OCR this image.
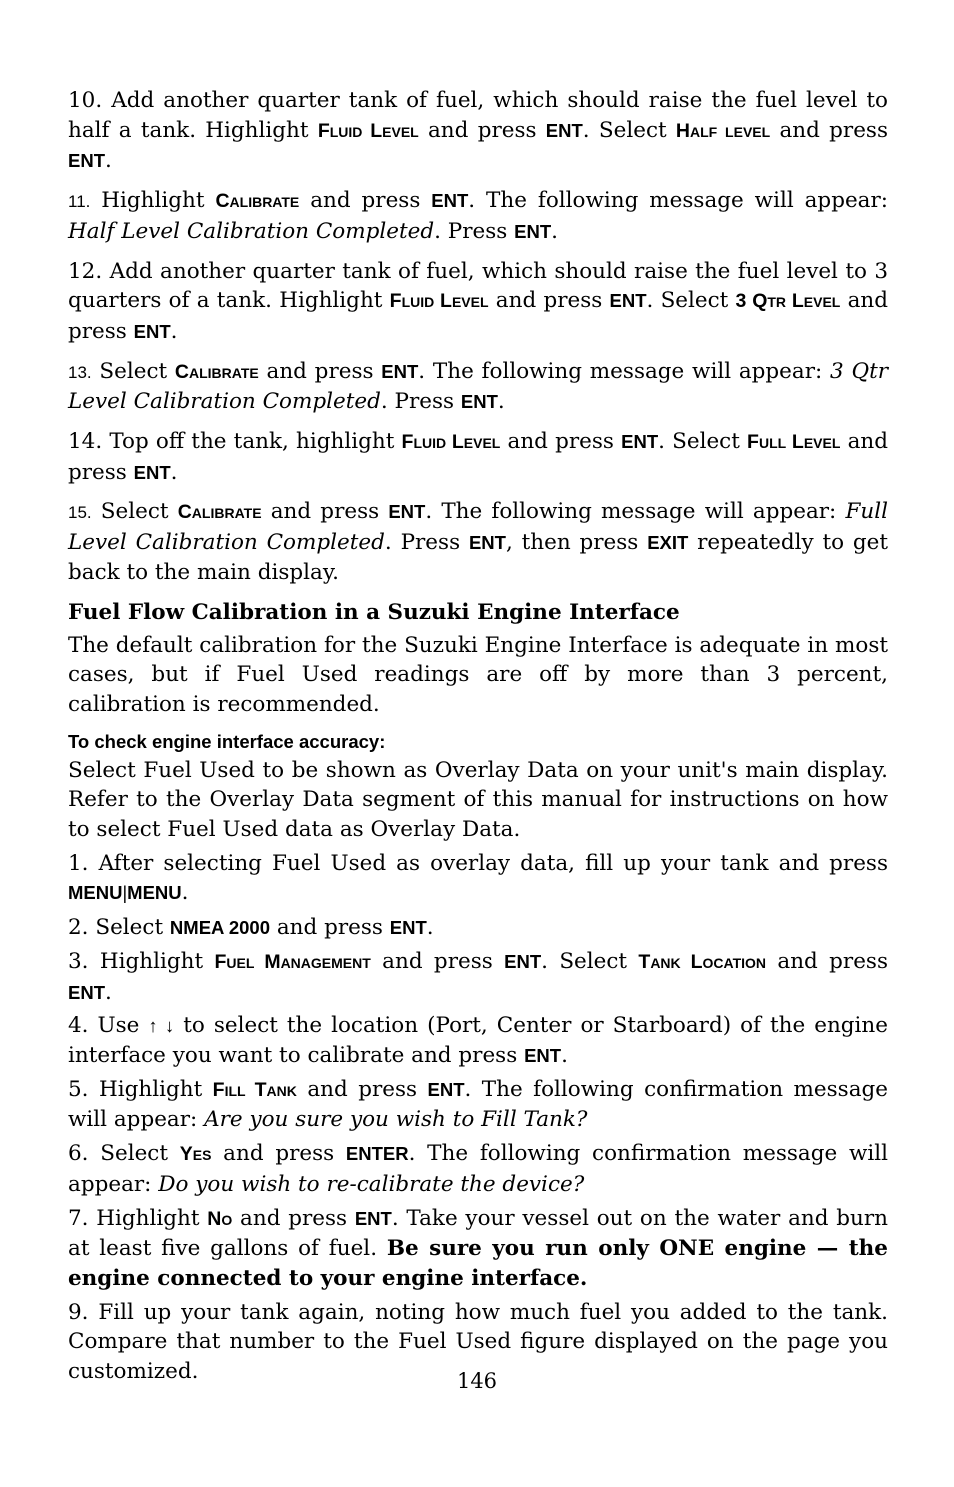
10. Add another quarter tank of fuel, which should raise the fuel level to half a tank. Highlight Fluid Level and press ENT. Select Half level and press ENT.

11. Highlight Calibrate and press ENT. The following message will appear: Half Level Calibration Completed. Press ENT.

12. Add another quarter tank of fuel, which should raise the fuel level to 3 quarters of a tank. Highlight Fluid Level and press ENT. Select 3 Qtr Level and press ENT.

13. Select Calibrate and press ENT. The following message will appear: 3 Qtr Level Calibration Completed. Press ENT.

14. Top off the tank, highlight Fluid Level and press ENT. Select Full Level and press ENT.

15. Select Calibrate and press ENT. The following message will appear: Full Level Calibration Completed. Press ENT, then press EXIT repeatedly to get back to the main display.

Fuel Flow Calibration in a Suzuki Engine Interface

The default calibration for the Suzuki Engine Interface is adequate in most cases, but if Fuel Used readings are off by more than 3 percent, calibration is recommended.

To check engine interface accuracy:

Select Fuel Used to be shown as Overlay Data on your unit's main display. Refer to the Overlay Data segment of this manual for instructions on how to select Fuel Used data as Overlay Data.

1. After selecting Fuel Used as overlay data, fill up your tank and press MENU|MENU.

2. Select NMEA 2000 and press ENT.

3. Highlight Fuel Management and press ENT. Select Tank Location and press ENT.

4. Use ↑ ↓ to select the location (Port, Center or Starboard) of the engine interface you want to calibrate and press ENT.

5. Highlight Fill Tank and press ENT. The following confirmation message will appear: Are you sure you wish to Fill Tank?

6. Select Yes and press ENTER. The following confirmation message will appear: Do you wish to re-calibrate the device?

7. Highlight No and press ENT. Take your vessel out on the water and burn at least five gallons of fuel. Be sure you run only ONE engine — the engine connected to your engine interface.

9. Fill up your tank again, noting how much fuel you added to the tank. Compare that number to the Fuel Used figure displayed on the page you customized.	146
